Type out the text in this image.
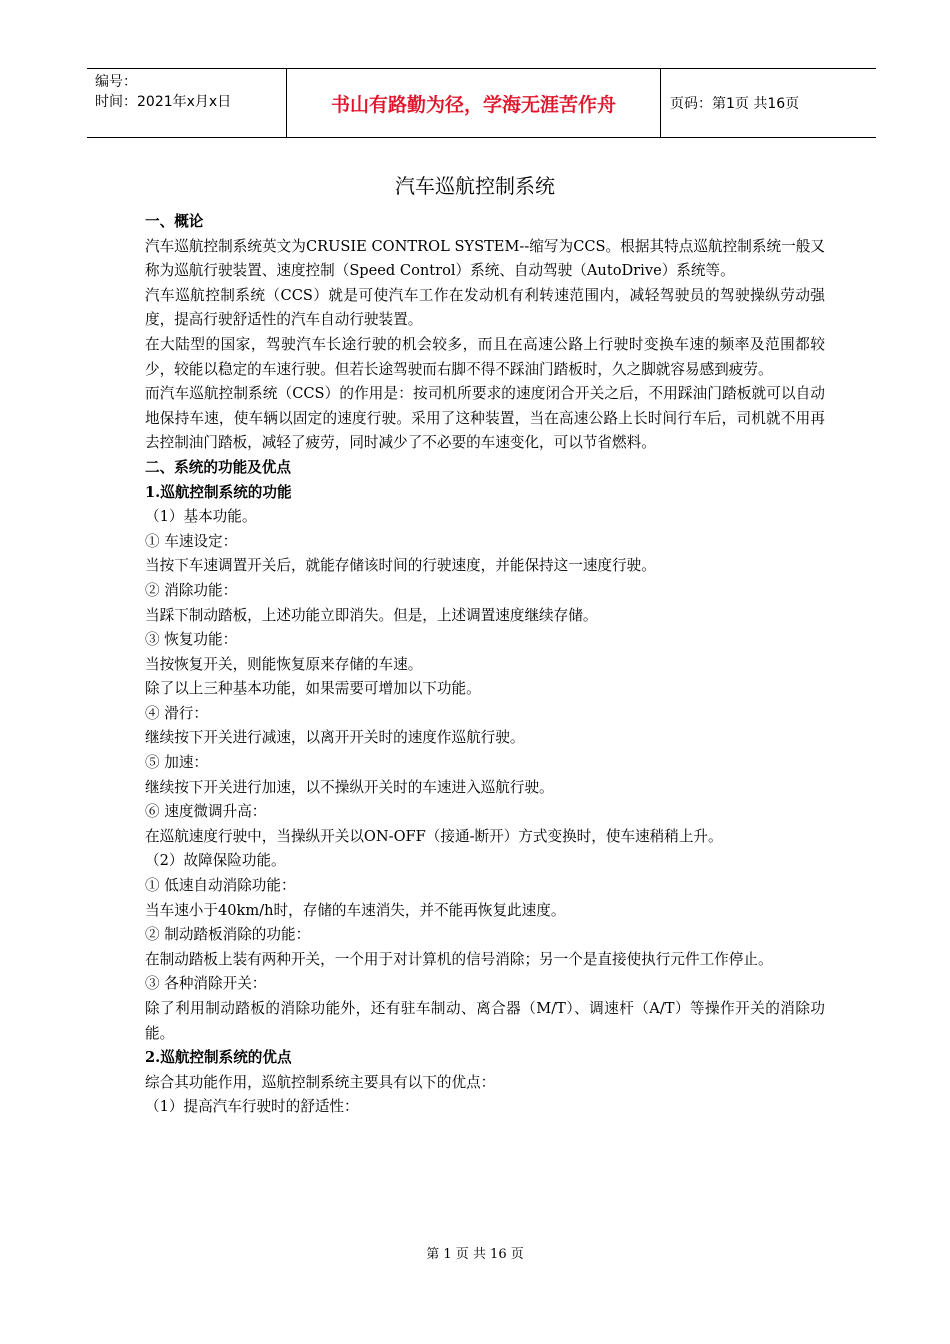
编号：
时间：2021年x月x日	书山有路勤为径，学海无涯苦作舟	页码：第1页 共16页
汽车巡航控制系统

一、概论

汽车巡航控制系统英文为CRUSIE CONTROL SYSTEM--缩写为CCS。根据其特点巡航控制系统一般又称为巡航行驶装置、速度控制（Speed Control）系统、自动驾驶（AutoDrive）系统等。

汽车巡航控制系统（CCS）就是可使汽车工作在发动机有利转速范围内，减轻驾驶员的驾驶操纵劳动强度，提高行驶舒适性的汽车自动行驶装置。

在大陆型的国家，驾驶汽车长途行驶的机会较多，而且在高速公路上行驶时变换车速的频率及范围都较少，较能以稳定的车速行驶。但若长途驾驶而右脚不得不踩油门踏板时，久之脚就容易感到疲劳。

而汽车巡航控制系统（CCS）的作用是：按司机所要求的速度闭合开关之后，不用踩油门踏板就可以自动地保持车速，使车辆以固定的速度行驶。采用了这种装置，当在高速公路上长时间行车后，司机就不用再去控制油门踏板，减轻了疲劳，同时减少了不必要的车速变化，可以节省燃料。

二、系统的功能及优点

1.巡航控制系统的功能

（1）基本功能。

① 车速设定：

当按下车速调置开关后，就能存储该时间的行驶速度，并能保持这一速度行驶。

② 消除功能：

当踩下制动踏板，上述功能立即消失。但是，上述调置速度继续存储。

③ 恢复功能：

当按恢复开关，则能恢复原来存储的车速。

除了以上三种基本功能，如果需要可增加以下功能。

④ 滑行：

继续按下开关进行减速，以离开开关时的速度作巡航行驶。

⑤ 加速：

继续按下开关进行加速，以不操纵开关时的车速进入巡航行驶。

⑥ 速度微调升高：

在巡航速度行驶中，当操纵开关以ON-OFF（接通-断开）方式变换时，使车速稍稍上升。

（2）故障保险功能。

① 低速自动消除功能：

当车速小于40km/h时，存储的车速消失，并不能再恢复此速度。

② 制动踏板消除的功能：

在制动踏板上装有两种开关，一个用于对计算机的信号消除；另一个是直接使执行元件工作停止。

③ 各种消除开关：

除了利用制动踏板的消除功能外，还有驻车制动、离合器（M/T）、调速杆（A/T）等操作开关的消除功能。

2.巡航控制系统的优点

综合其功能作用，巡航控制系统主要具有以下的优点：

（1）提高汽车行驶时的舒适性：

第 1 页 共 16 页
